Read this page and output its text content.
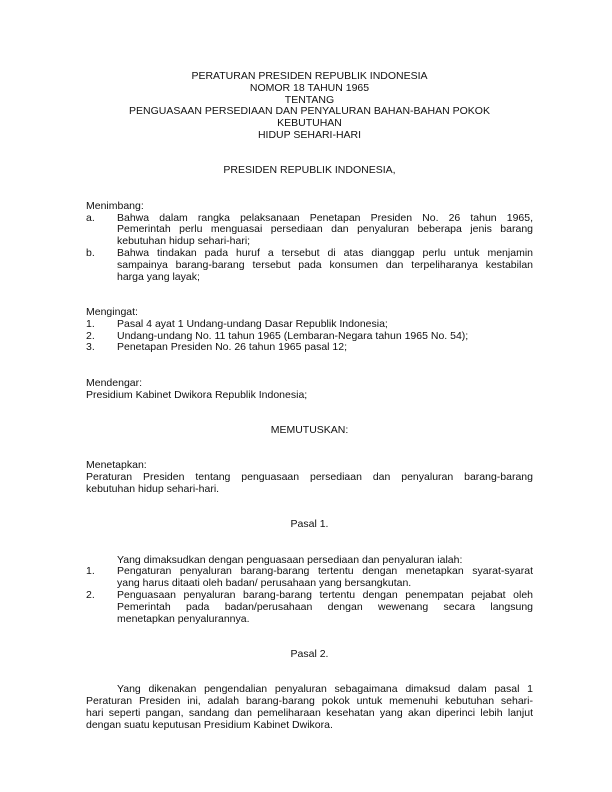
PERATURAN PRESIDEN REPUBLIK INDONESIA
NOMOR 18 TAHUN 1965
TENTANG
PENGUASAAN PERSEDIAAN DAN PENYALURAN BAHAN-BAHAN POKOK
KEBUTUHAN
HIDUP SEHARI-HARI
PRESIDEN REPUBLIK INDONESIA,
Menimbang:
a.	Bahwa dalam rangka pelaksanaan Penetapan Presiden No. 26 tahun 1965,
Pemerintah perlu menguasai persediaan dan penyaluran beberapa jenis barang
kebutuhan hidup sehari-hari;
b.	Bahwa tindakan pada huruf a tersebut di atas dianggap perlu untuk menjamin
sampainya barang-barang tersebut pada konsumen dan terpeliharanya kestabilan
harga yang layak;
Mengingat:
1.	Pasal 4 ayat 1 Undang-undang Dasar Republik Indonesia;
2.	Undang-undang No. 11 tahun 1965 (Lembaran-Negara tahun 1965 No. 54);
3.	Penetapan Presiden No. 26 tahun 1965 pasal 12;
Mendengar:
Presidium Kabinet Dwikora Republik Indonesia;
MEMUTUSKAN:
Menetapkan:
Peraturan Presiden tentang penguasaan persediaan dan penyaluran barang-barang
kebutuhan hidup sehari-hari.
Pasal 1.
Yang dimaksudkan dengan penguasaan persediaan dan penyaluran ialah:
1.	Pengaturan penyaluran barang-barang tertentu dengan menetapkan syarat-syarat
yang harus ditaati oleh badan/ perusahaan yang bersangkutan.
2.	Penguasaan penyaluran barang-barang tertentu dengan penempatan pejabat oleh
Pemerintah pada badan/perusahaan dengan wewenang secara langsung
menetapkan penyalurannya.
Pasal 2.
Yang dikenakan pengendalian penyaluran sebagaimana dimaksud dalam pasal 1
Peraturan Presiden ini, adalah barang-barang pokok untuk memenuhi kebutuhan sehari-
hari seperti pangan, sandang dan pemeliharaan kesehatan yang akan diperinci lebih lanjut
dengan suatu keputusan Presidium Kabinet Dwikora.
